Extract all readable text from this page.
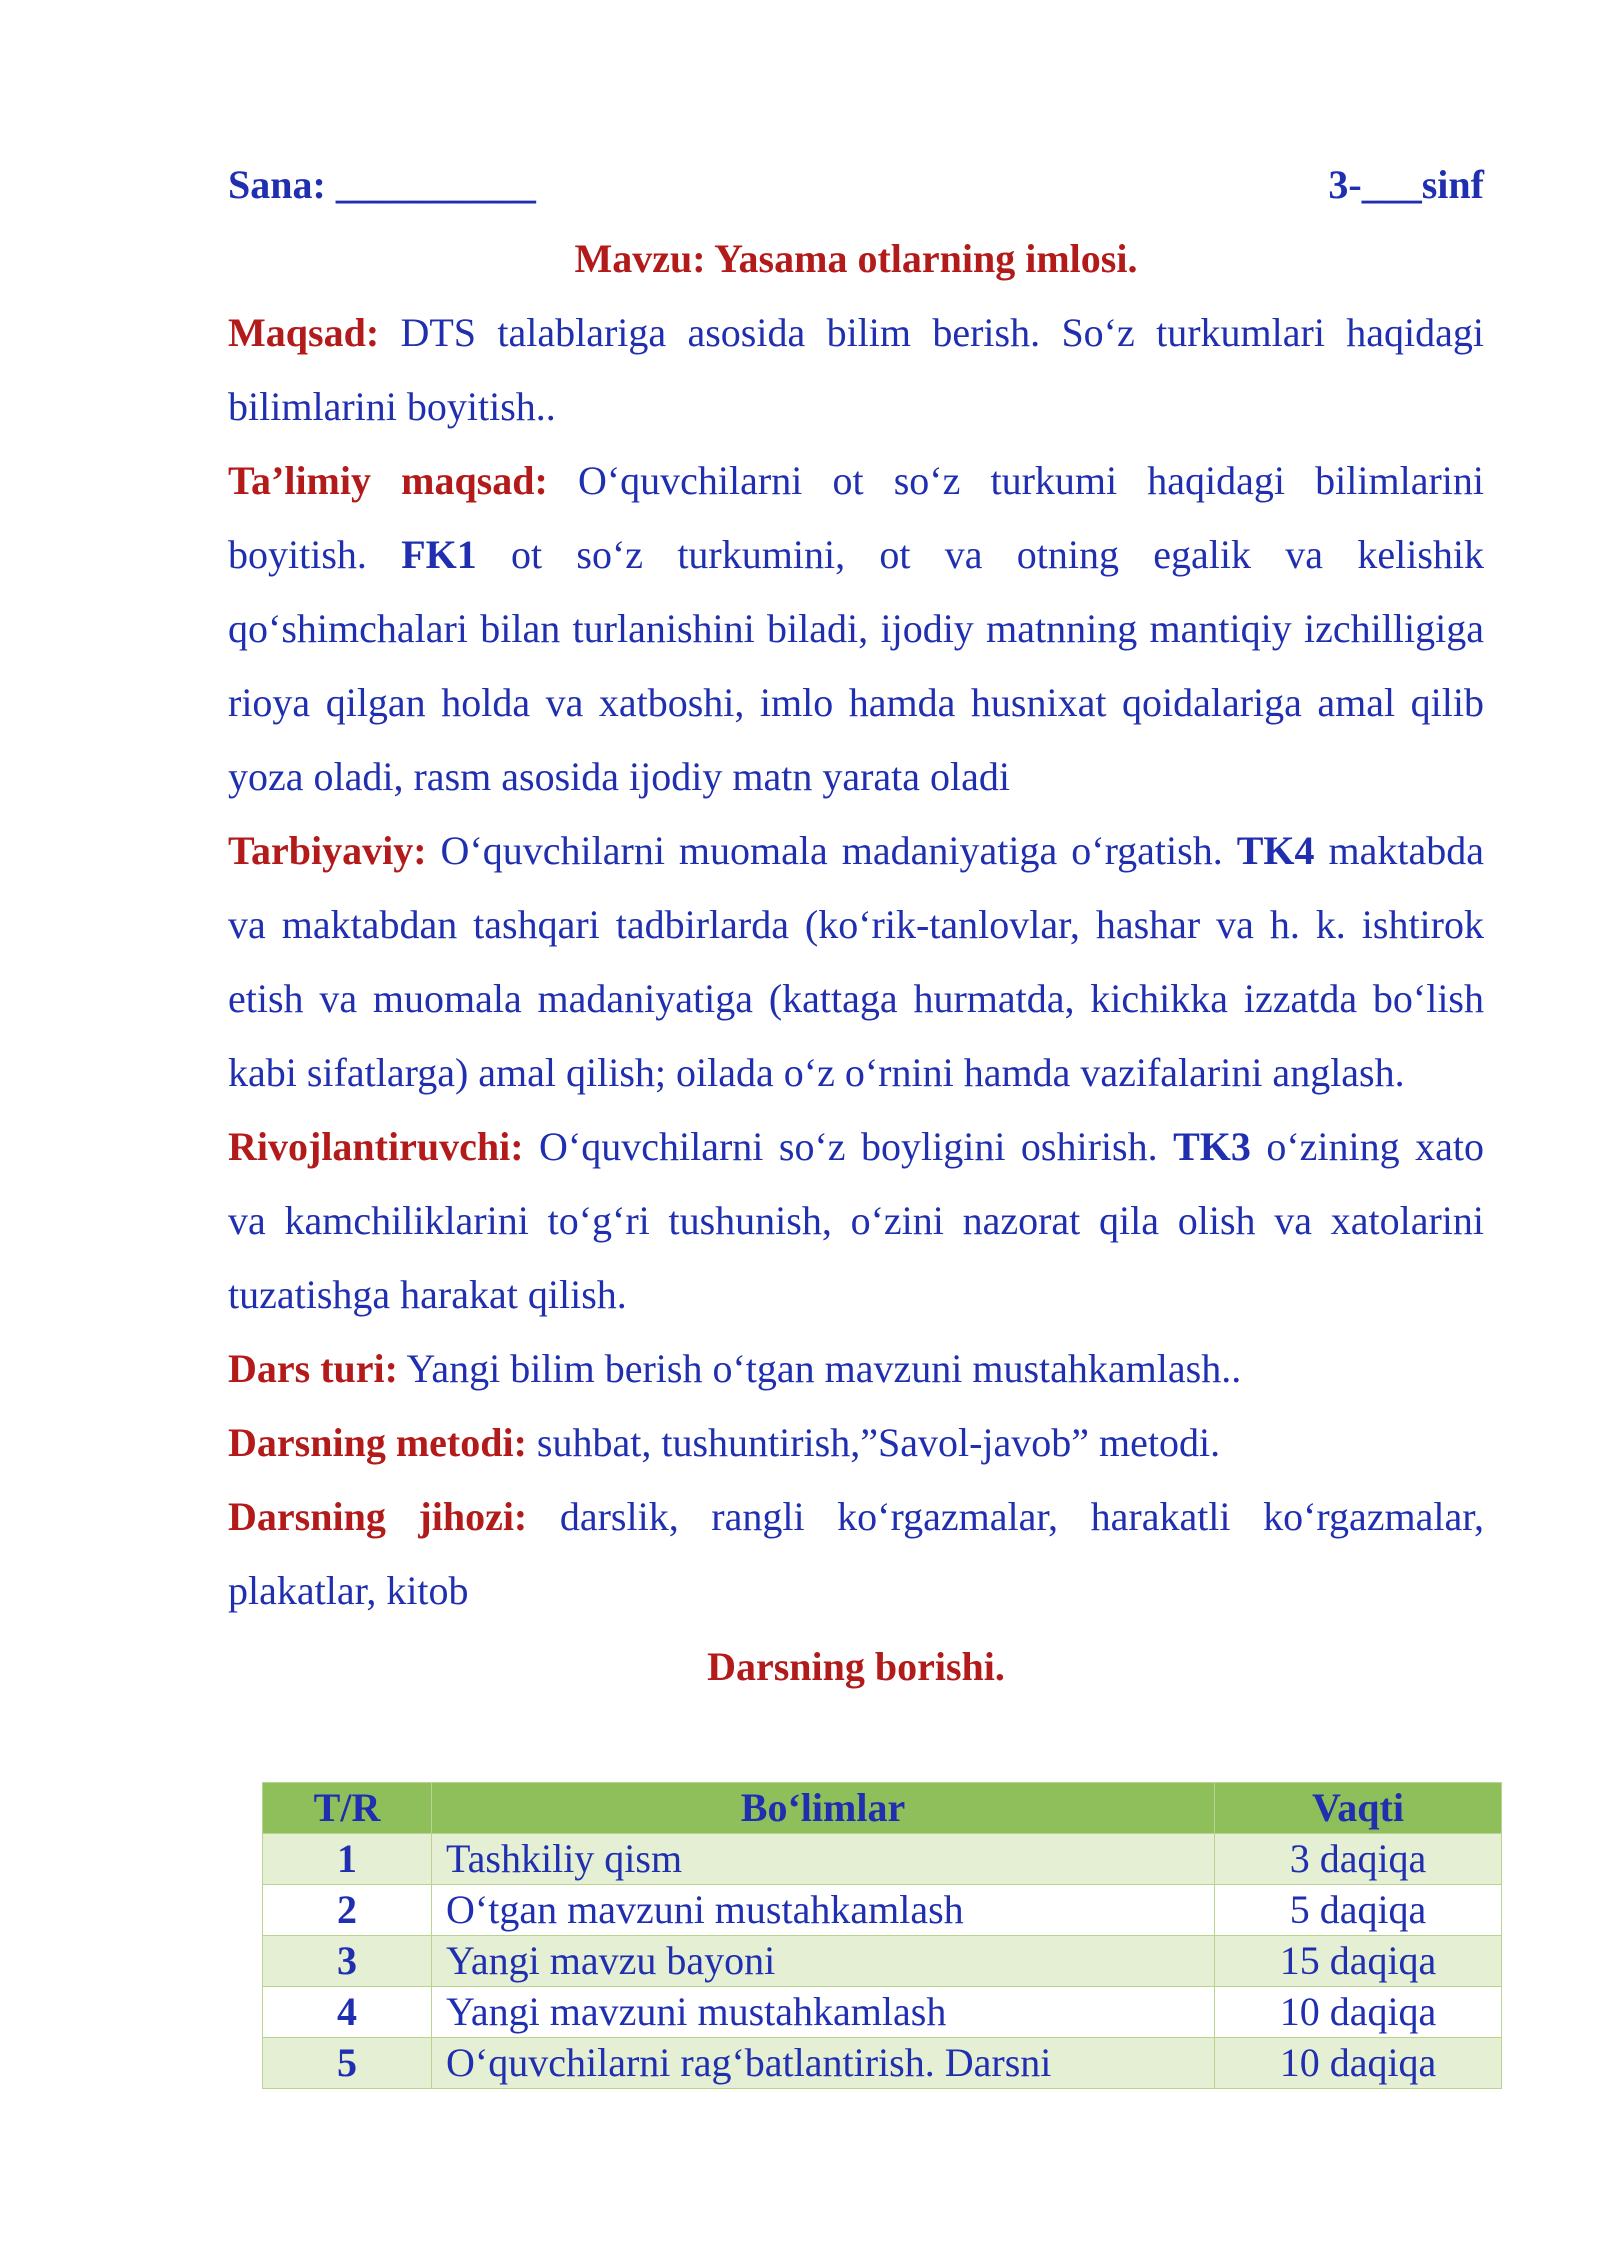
Sana: __________	3-___sinf
Mavzu: Yasama otlarning imlosi.
Maqsad: DTS talablariga asosida bilim berish. So‘z turkumlari haqidagi bilimlarini boyitish..
Ta’limiy maqsad: O‘quvchilarni ot so‘z turkumi haqidagi bilimlarini boyitish. FK1 ot so‘z turkumini, ot va otning egalik va kelishik qo‘shimchalari bilan turlanishini biladi, ijodiy matnning mantiqiy izchilligiga rioya qilgan holda va xatboshi, imlo hamda husnixat qoidalariga amal qilib yoza oladi, rasm asosida ijodiy matn yarata oladi
Tarbiyaviy: O‘quvchilarni muomala madaniyatiga o‘rgatish. TK4 maktabda va maktabdan tashqari tadbirlarda (ko‘rik-tanlovlar, hashar va h. k. ishtirok etish va muomala madaniyatiga (kattaga hurmatda, kichikka izzatda bo‘lish kabi sifatlarga) amal qilish; oilada o‘z o‘rnini hamda vazifalarini anglash.
Rivojlantiruvchi: O‘quvchilarni so‘z boyligini oshirish. TK3 o‘zining xato va kamchiliklarini to‘g‘ri tushunish, o‘zini nazorat qila olish va xatolarini tuzatishga harakat qilish.
Dars turi: Yangi bilim berish o‘tgan mavzuni mustahkamlash..
Darsning metodi: suhbat, tushuntirish,”Savol-javob” metodi.
Darsning jihozi: darslik, rangli ko‘rgazmalar, harakatli ko‘rgazmalar, plakatlar, kitob
Darsning borishi.
T/R	Bo‘limlar	Vaqti
1	Tashkiliy qism	3 daqiqa
2	O‘tgan mavzuni mustahkamlash	5 daqiqa
3	Yangi mavzu bayoni	15 daqiqa
4	Yangi mavzuni mustahkamlash	10 daqiqa
5	O‘quvchilarni rag‘batlantirish. Darsni	10 daqiqa
